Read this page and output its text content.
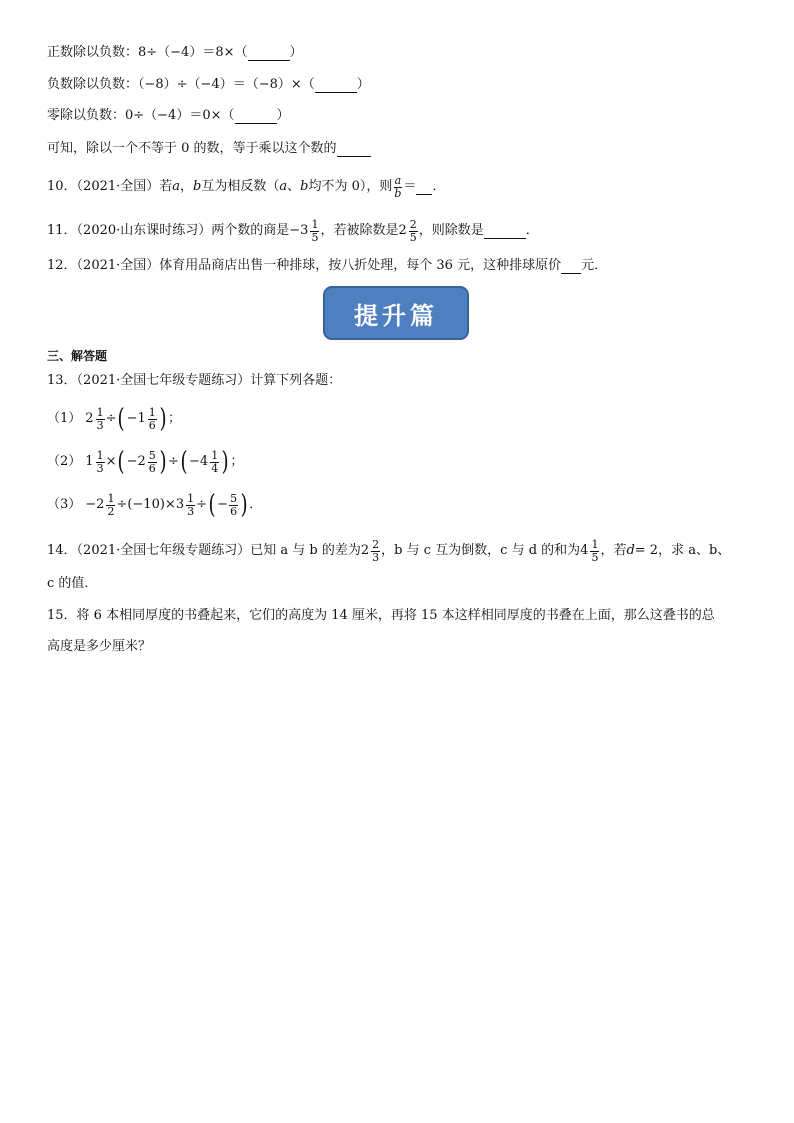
正数除以负数：8÷（−4）＝8×（	）
负数除以负数：（−8）÷（−4）＝（−8）×（	）
零除以负数：0÷（−4）＝0×（	）
可知，除以一个不等于 0 的数，等于乘以这个数的
10．（2021·全国）若 a ， b 互为相反数（ a 、 b 均不为 0），则 $\frac{a}{b}$ ＝ ．
11．（2020·山东课时练习）两个数的商是 − $3 \frac{1}{5}$ ，若被除数是 $2 \frac{2}{5}$ ，则除数是	．
12．（2021·全国）体育用品商店出售一种排球，按八折处理，每个 36 元，这种排球原价 元．
提升篇
三、解答题
13．（2021·全国七年级专题练习）计算下列各题：
（1） $2 \frac{1}{3}$ ÷ ( $-1 \frac{1}{6}$ ) ；
（2） $1 \frac{1}{3}$ × ( $-2 \frac{5}{6}$ ) ÷ ( $-4 \frac{1}{4}$ ) ；
$(3) -2 \frac{1}{2} \div(-10)\times 3 \frac{1}{3}$ ÷ ( − $\frac{5}{6}$ ) ．
14．（2021·全国七年级专题练习）已知 a 与 b 的差为 $2 \frac{2}{3}$ ，b 与 c 互为倒数，c 与 d 的和为 $4 \frac{1}{5}$ ，若 d = 2 ，求 a、b、
c 的值．
15．将 6 本相同厚度的书叠起来，它们的高度为 14 厘米，再将 15 本这样相同厚度的书叠在上面，那么这叠书的总
高度是多少厘米？
